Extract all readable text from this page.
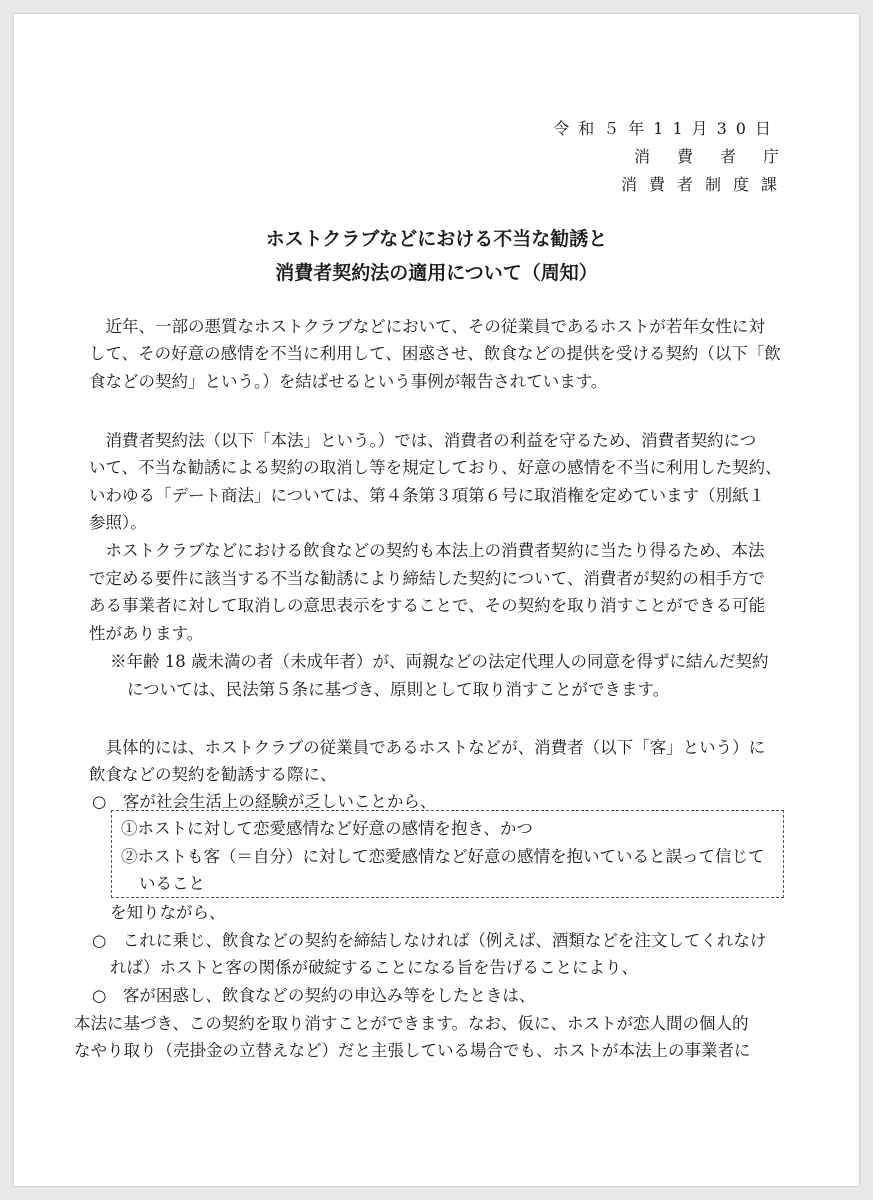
令和５年11月30日
消費者庁
消費者制度課
ホストクラブなどにおける不当な勧誘と
消費者契約法の適用について（周知）
　近年、一部の悪質なホストクラブなどにおいて、その従業員であるホストが若年女性に対
して、その好意の感情を不当に利用して、困惑させ、飲食などの提供を受ける契約（以下「飲
食などの契約」という。）を結ばせるという事例が報告されています。
　消費者契約法（以下「本法」という。）では、消費者の利益を守るため、消費者契約につ
いて、不当な勧誘による契約の取消し等を規定しており、好意の感情を不当に利用した契約、
いわゆる「デート商法」については、第４条第３項第６号に取消権を定めています（別紙１
参照）。
　ホストクラブなどにおける飲食などの契約も本法上の消費者契約に当たり得るため、本法
で定める要件に該当する不当な勧誘により締結した契約について、消費者が契約の相手方で
ある事業者に対して取消しの意思表示をすることで、その契約を取り消すことができる可能
性があります。
※年齢 18 歳未満の者（未成年者）が、両親などの法定代理人の同意を得ずに結んだ契約
については、民法第５条に基づき、原則として取り消すことができます。
　具体的には、ホストクラブの従業員であるホストなどが、消費者（以下「客」という）に
飲食などの契約を勧誘する際に、
○　客が社会生活上の経験が乏しいことから、
①ホストに対して恋愛感情など好意の感情を抱き、かつ
②ホストも客（＝自分）に対して恋愛感情など好意の感情を抱いていると誤って信じて
いること
を知りながら、
○　これに乗じ、飲食などの契約を締結しなければ（例えば、酒類などを注文してくれなけ
れば）ホストと客の関係が破綻することになる旨を告げることにより、
○　客が困惑し、飲食などの契約の申込み等をしたときは、
本法に基づき、この契約を取り消すことができます。なお、仮に、ホストが恋人間の個人的
なやり取り（売掛金の立替えなど）だと主張している場合でも、ホストが本法上の事業者に
